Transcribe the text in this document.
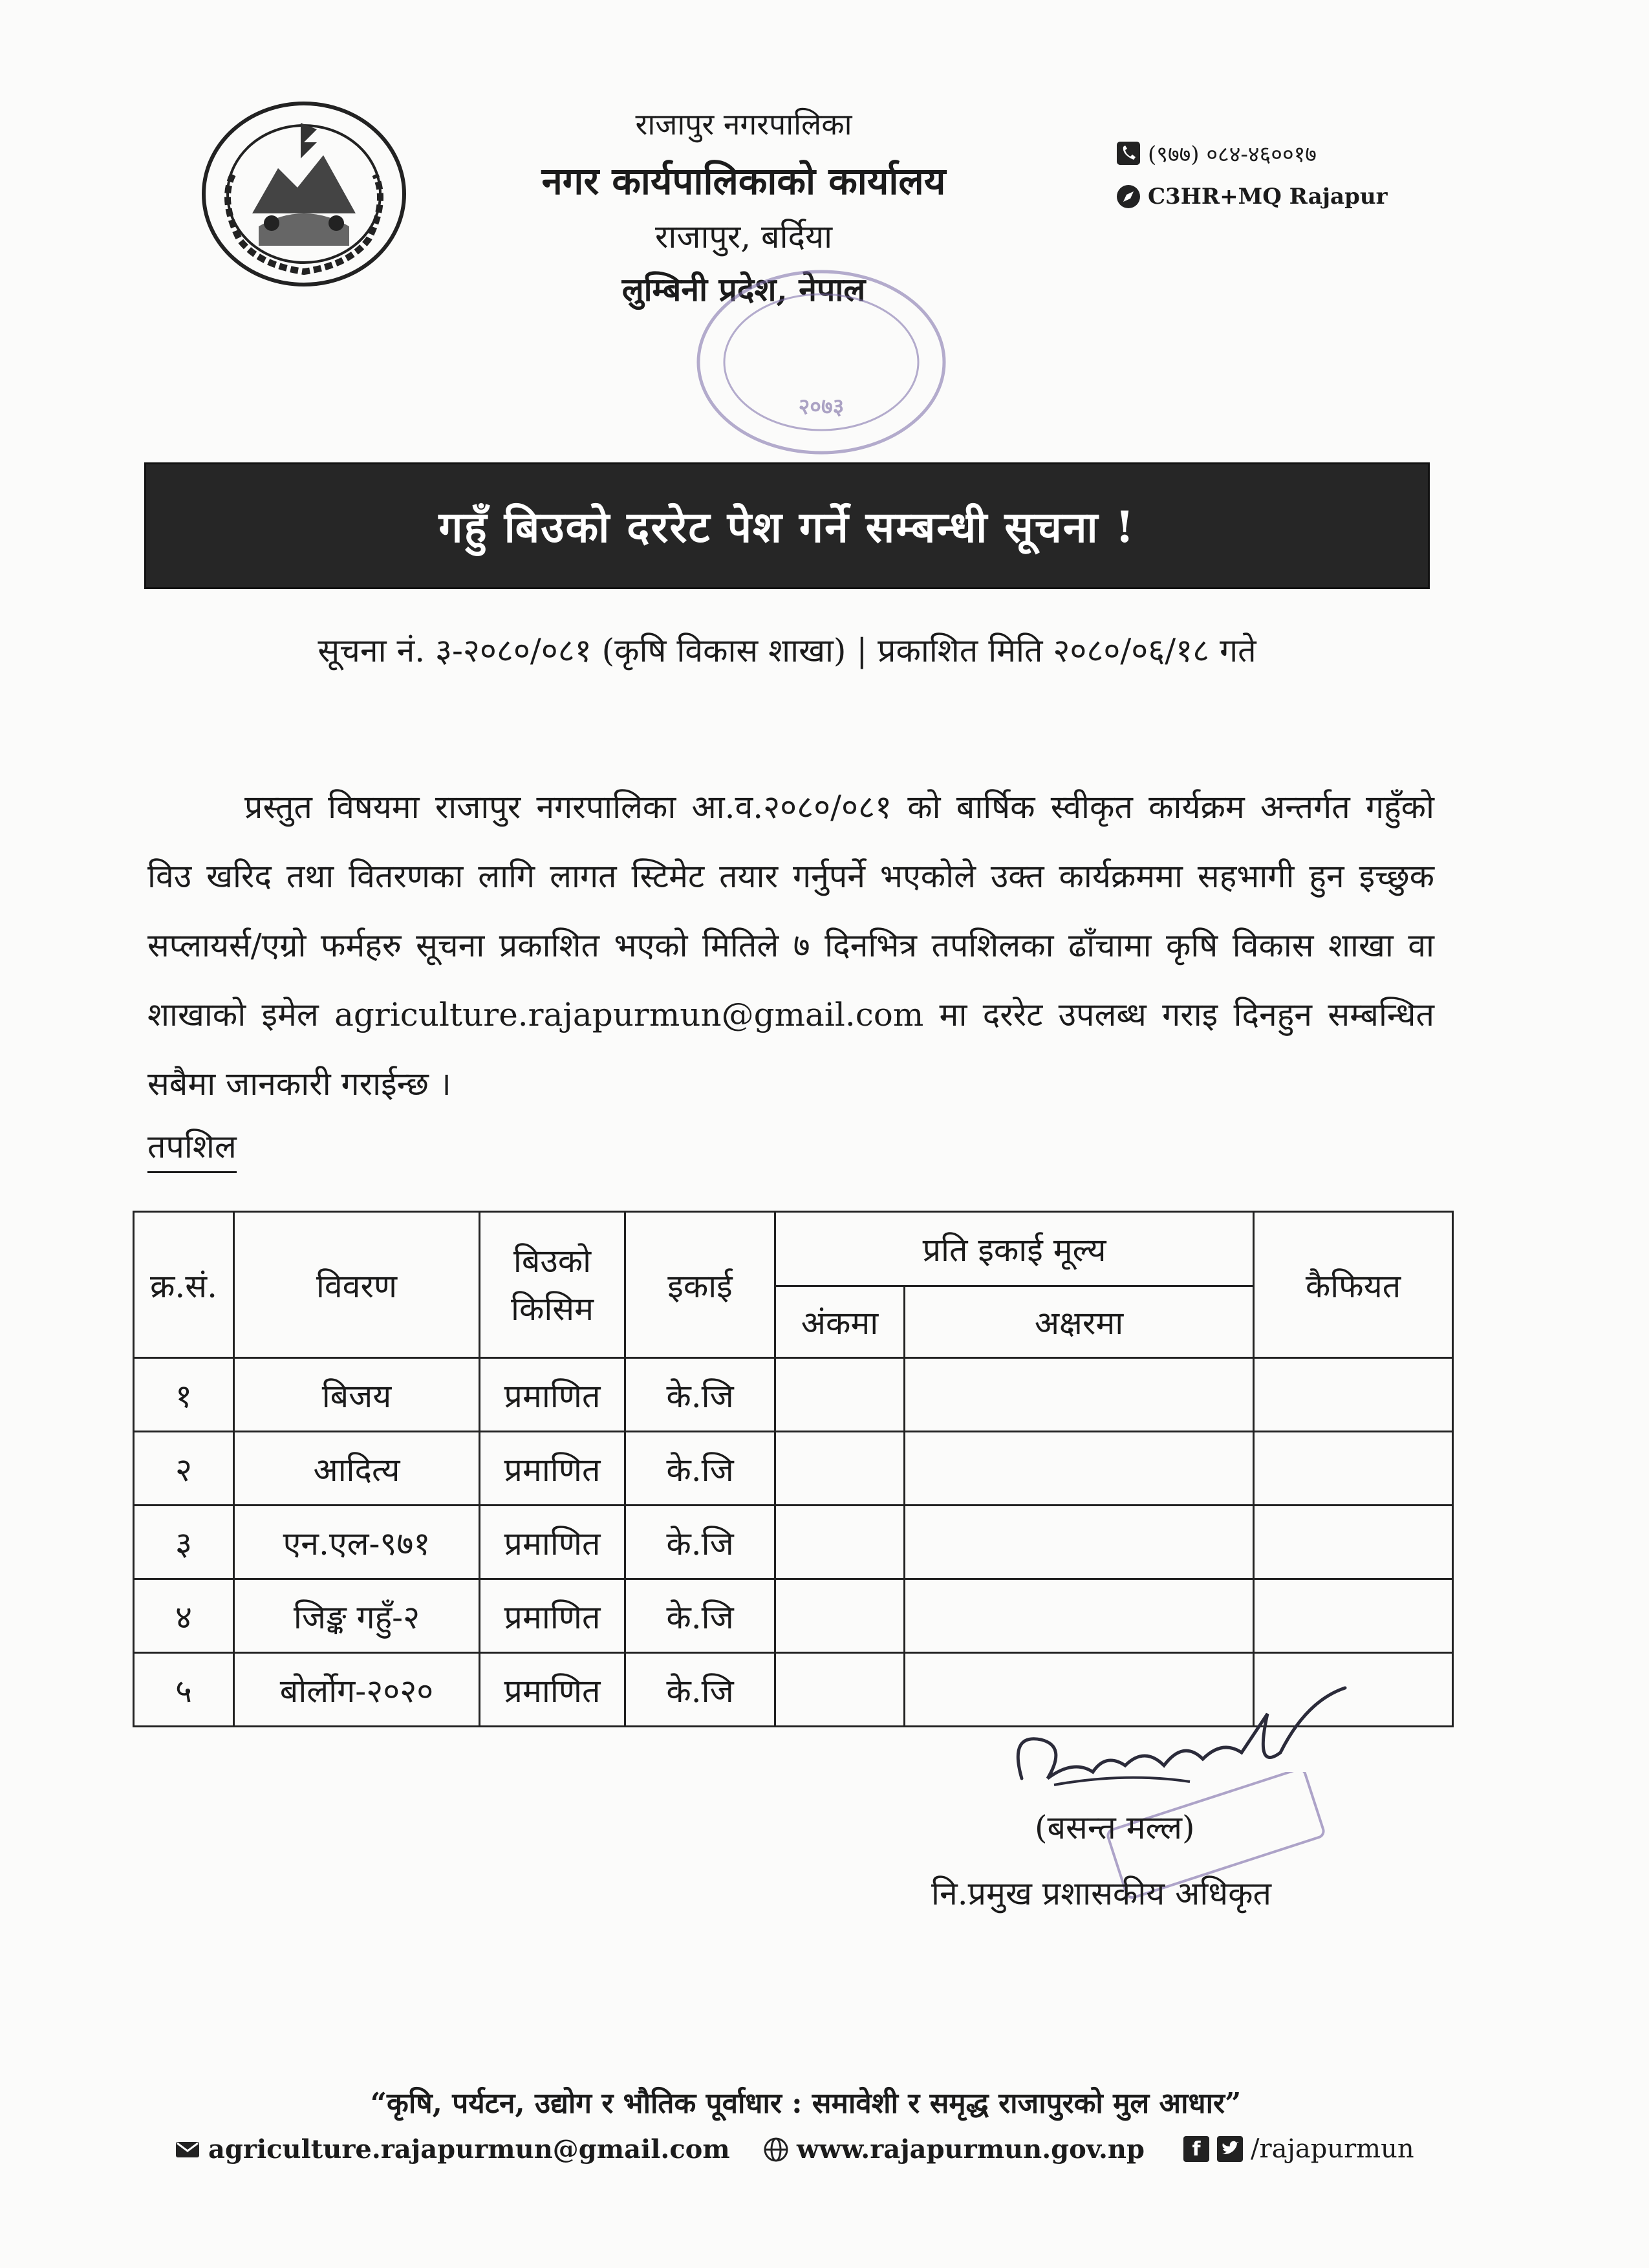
राजापुर नगरपालिका
नगर कार्यपालिकाको कार्यालय
राजापुर, बर्दिया
लुम्बिनी प्रदेश, नेपाल
(९७७) ०८४-४६००१७
C3HR+MQ Rajapur
२०७३
गहुँ बिउको दररेट पेश गर्ने सम्बन्धी सूचना !
सूचना नं. ३-२०८०/०८१ (कृषि विकास शाखा) | प्रकाशित मिति २०८०/०६/१८ गते
प्रस्तुत विषयमा राजापुर नगरपालिका आ.व.२०८०/०८१ को बार्षिक स्वीकृत कार्यक्रम अन्तर्गत गहुँको विउ खरिद तथा वितरणका लागि लागत स्टिमेट तयार गर्नुपर्ने भएकोले उक्त कार्यक्रममा सहभागी हुन इच्छुक सप्लायर्स/एग्रो फर्महरु सूचना प्रकाशित भएको मितिले ७ दिनभित्र तपशिलका ढाँचामा कृषि विकास शाखा वा शाखाको इमेल agriculture.rajapurmun@gmail.com मा दररेट उपलब्ध गराइ दिनहुन सम्बन्धित सबैमा जानकारी गराईन्छ ।
तपशिल
क्र.सं.	विवरण	बिउको किसिम	इकाई	प्रति इकाई मूल्य		कैफियत
				अंकमा	अक्षरमा	
१	बिजय	प्रमाणित	के.जि			
२	आदित्य	प्रमाणित	के.जि			
३	एन.एल-९७१	प्रमाणित	के.जि			
४	जिङ्क गहुँ-२	प्रमाणित	के.जि			
५	बोर्लोग-२०२०	प्रमाणित	के.जि			
(बसन्त मल्ल)
नि.प्रमुख प्रशासकीय अधिकृत
“कृषि, पर्यटन, उद्योग र भौतिक पूर्वाधार : समावेशी र समृद्ध राजापुरको मुल आधार”
agriculture.rajapurmun@gmail.com	www.rajapurmun.gov.np	f	/rajapurmun
